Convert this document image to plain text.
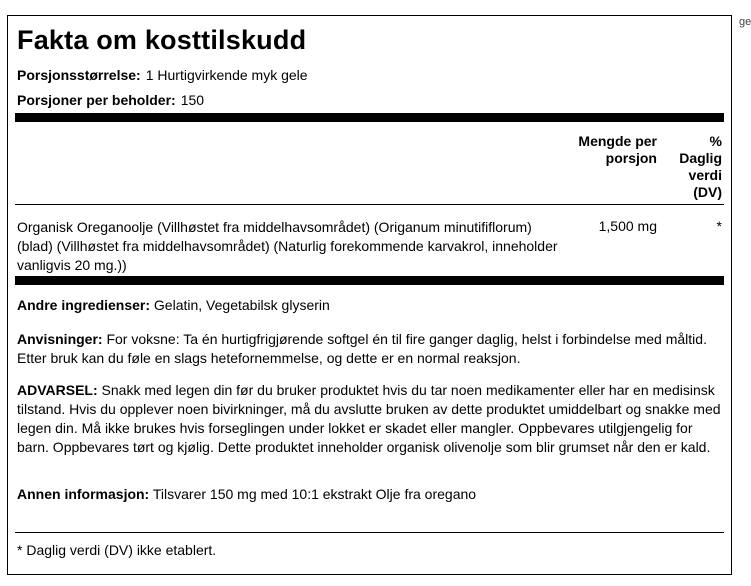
ge
Fakta om kosttilskudd
Porsjonsstørrelse: 1 Hurtigvirkende myk gele
Porsjoner per beholder: 150
Mengde per porsjon
% Daglig verdi (DV)
Organisk Oreganoolje (Villhøstet fra middelhavsområdet) (Origanum minutififlorum) (blad) (Villhøstet fra middelhavsområdet) (Naturlig forekommende karvakrol, inneholder vanligvis 20 mg.))
1,500 mg	*
Andre ingredienser: Gelatin, Vegetabilsk glyserin
Anvisninger: For voksne: Ta én hurtigfrigjørende softgel én til fire ganger daglig, helst i forbindelse med måltid. Etter bruk kan du føle en slags hetefornemmelse, og dette er en normal reaksjon.
ADVARSEL: Snakk med legen din før du bruker produktet hvis du tar noen medikamenter eller har en medisinsk tilstand. Hvis du opplever noen bivirkninger, må du avslutte bruken av dette produktet umiddelbart og snakke med legen din. Må ikke brukes hvis forseglingen under lokket er skadet eller mangler. Oppbevares utilgjengelig for barn. Oppbevares tørt og kjølig. Dette produktet inneholder organisk olivenolje som blir grumset når den er kald.
Annen informasjon: Tilsvarer 150 mg med 10:1 ekstrakt Olje fra oregano
* Daglig verdi (DV) ikke etablert.
